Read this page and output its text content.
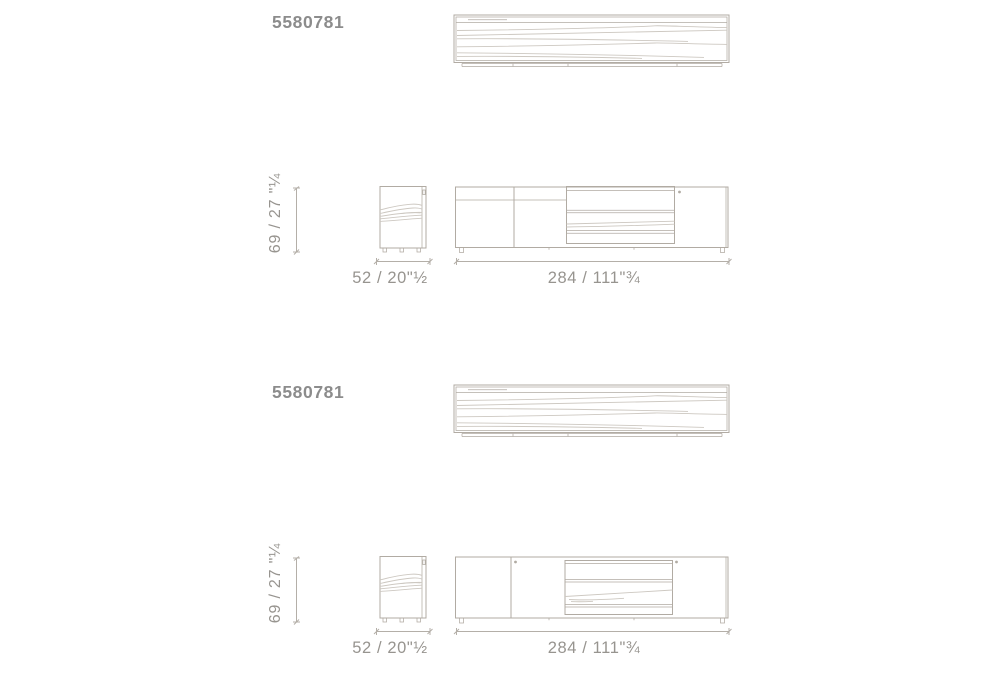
5580781
69 / 27 "¼
52 / 20"½	284 / 111"¾
5580781
69 / 27 "¼
52 / 20"½	284 / 111"¾
